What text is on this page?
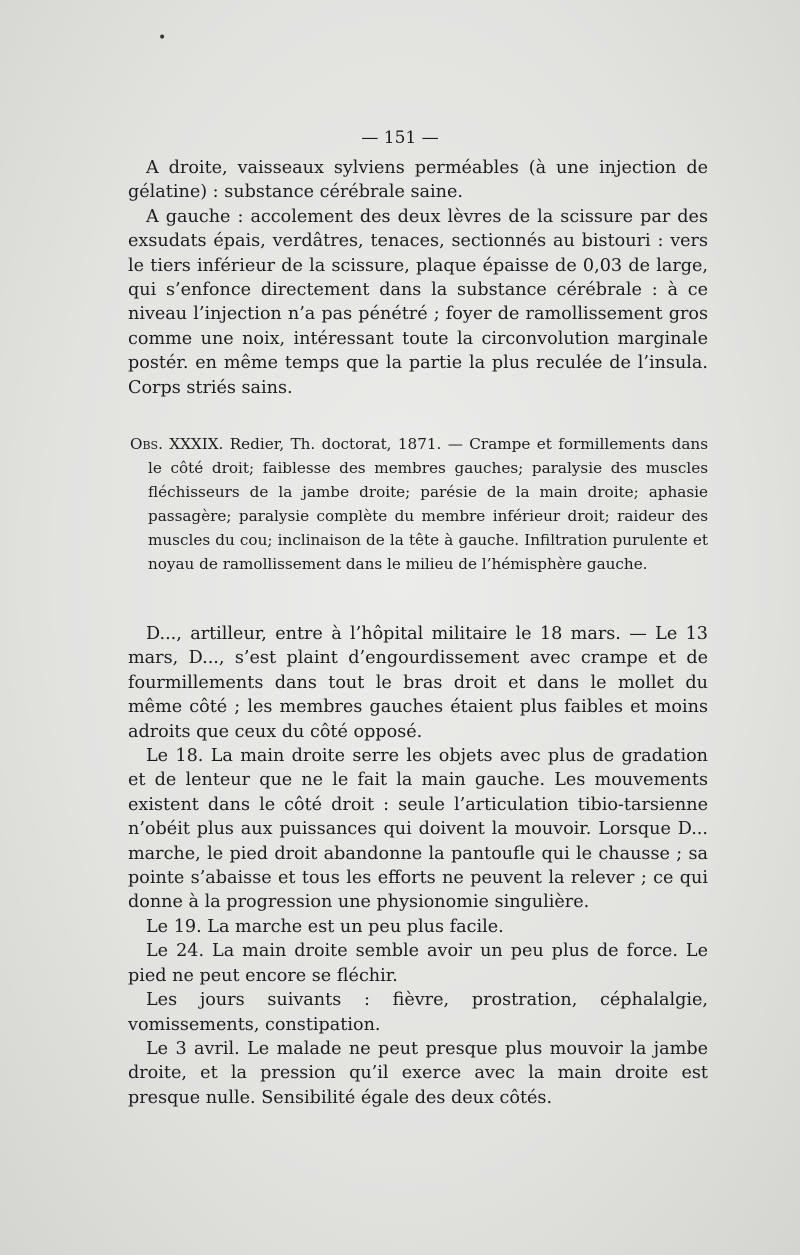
•
— 151 —

A droite, vaisseaux sylviens perméables (à une injection de gélatine) : substance cérébrale saine.

A gauche : accolement des deux lèvres de la scissure par des exsudats épais, verdâtres, tenaces, sectionnés au bistouri : vers le tiers inférieur de la scissure, plaque épaisse de 0,03 de large, qui s’enfonce directement dans la substance cérébrale : à ce niveau l’injection n’a pas pénétré ; foyer de ramollissement gros comme une noix, intéressant toute la circonvolution marginale postér. en même temps que la partie la plus reculée de l’insula. Corps striés sains.

Obs. XXXIX. Redier, Th. doctorat, 1871. — Crampe et formillements dans le côté droit; faiblesse des membres gauches; paralysie des muscles fléchisseurs de la jambe droite; parésie de la main droite; aphasie passagère; paralysie complète du membre inférieur droit; raideur des muscles du cou; inclinaison de la tête à gauche. Infiltration purulente et noyau de ramollissement dans le milieu de l’hémisphère gauche.

D..., artilleur, entre à l’hôpital militaire le 18 mars. — Le 13 mars, D..., s’est plaint d’engourdissement avec crampe et de fourmillements dans tout le bras droit et dans le mollet du même côté ; les membres gauches étaient plus faibles et moins adroits que ceux du côté opposé.

Le 18. La main droite serre les objets avec plus de gradation et de lenteur que ne le fait la main gauche. Les mouvements existent dans le côté droit : seule l’articulation tibio-tarsienne n’obéit plus aux puissances qui doivent la mouvoir. Lorsque D... marche, le pied droit abandonne la pantoufle qui le chausse ; sa pointe s’abaisse et tous les efforts ne peuvent la relever ; ce qui donne à la progression une physionomie singulière.

Le 19. La marche est un peu plus facile.

Le 24. La main droite semble avoir un peu plus de force. Le pied ne peut encore se fléchir.

Les jours suivants : fièvre, prostration, céphalalgie, vomissements, constipation.

Le 3 avril. Le malade ne peut presque plus mouvoir la jambe droite, et la pression qu’il exerce avec la main droite est presque nulle. Sensibilité égale des deux côtés.
